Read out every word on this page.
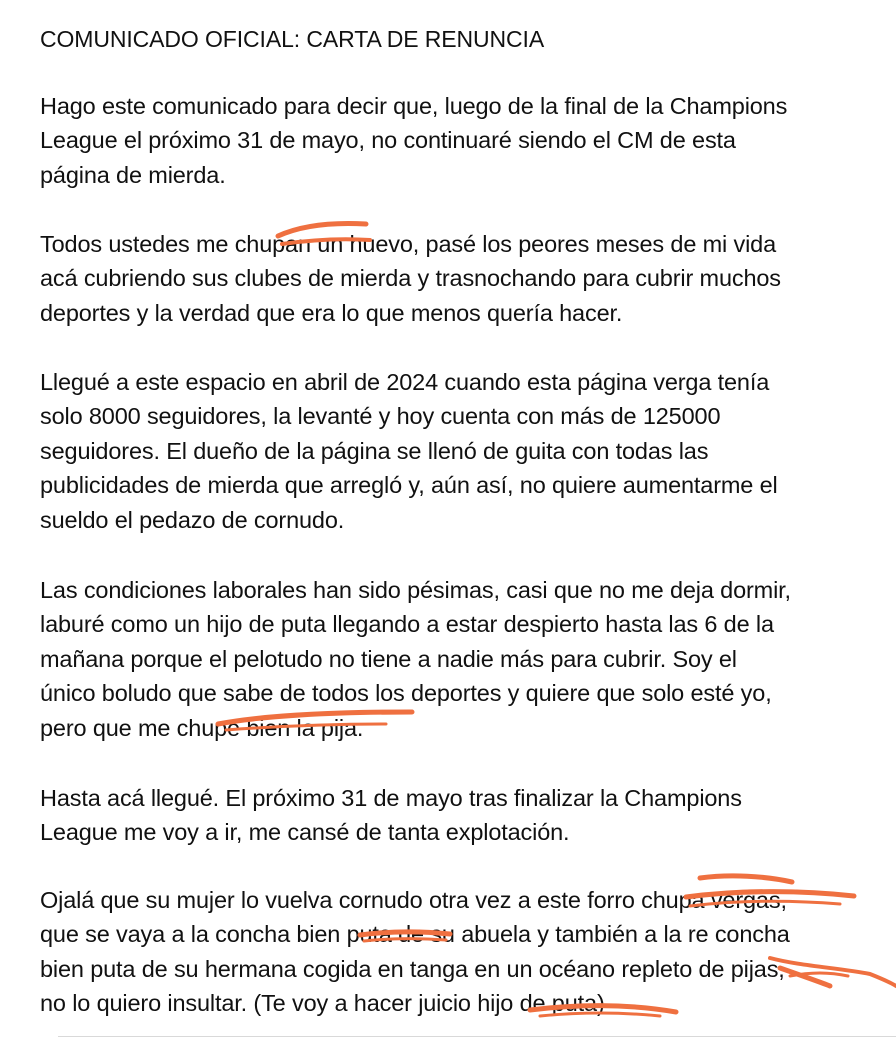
COMUNICADO OFICIAL: CARTA DE RENUNCIA

Hago este comunicado para decir que, luego de la final de la Champions
League el próximo 31 de mayo, no continuaré siendo el CM de esta
página de mierda.

Todos ustedes me chupan un huevo, pasé los peores meses de mi vida
acá cubriendo sus clubes de mierda y trasnochando para cubrir muchos
deportes y la verdad que era lo que menos quería hacer.

Llegué a este espacio en abril de 2024 cuando esta página verga tenía
solo 8000 seguidores, la levanté y hoy cuenta con más de 125000
seguidores. El dueño de la página se llenó de guita con todas las
publicidades de mierda que arregló y, aún así, no quiere aumentarme el
sueldo el pedazo de cornudo.

Las condiciones laborales han sido pésimas, casi que no me deja dormir,
laburé como un hijo de puta llegando a estar despierto hasta las 6 de la
mañana porque el pelotudo no tiene a nadie más para cubrir. Soy el
único boludo que sabe de todos los deportes y quiere que solo esté yo,
pero que me chupe bien la pija.

Hasta acá llegué. El próximo 31 de mayo tras finalizar la Champions
League me voy a ir, me cansé de tanta explotación.

Ojalá que su mujer lo vuelva cornudo otra vez a este forro chupa vergas,
que se vaya a la concha bien puta de su abuela y también a la re concha
bien puta de su hermana cogida en tanga en un océano repleto de pijas,
no lo quiero insultar. (Te voy a hacer juicio hijo de puta)
